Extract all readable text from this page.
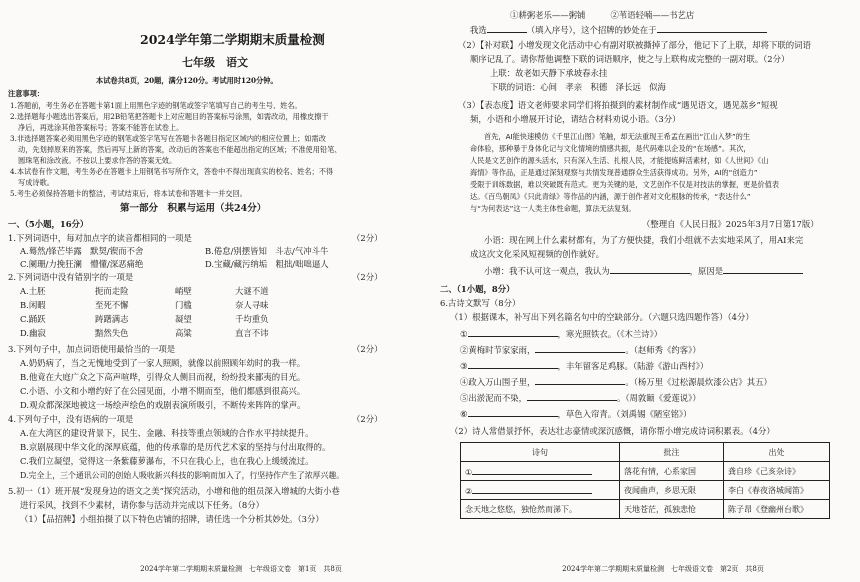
2024学年第二学期期末质量检测
七年级　语文
本试卷共8页，20题，满分120分。考试用时120分钟。
注意事项：
1.答题前，考生务必在答题卡第1面上用黑色字迹的钢笔或签字笔填写自己的考生号、姓名。
2.选择题每小题选出答案后，用2B铅笔把答题卡上对应题目的答案标号涂黑，如需改动，用橡皮擦干
净后，再选涂其他答案标号；答案不能答在试卷上。
3.非选择题答案必须用黑色字迹的钢笔或签字笔写在答题卡各题目指定区域内的相应位置上；如需改
动，先划掉原来的答案，然后再写上新的答案，改动后的答案也不能超出指定的区域；不准使用铅笔、
圆珠笔和涂改液。不按以上要求作答的答案无效。
4.本试卷有作文题，考生务必在答题卡上用钢笔书写所作文，答卷中不得出现真实的校名、姓名；不得
写成诗歌。
5.考生必须保持答题卡的整洁，考试结束后，将本试卷和答题卡一并交回。
第一部分　积累与运用（共24分）
一、（5小题，16分）
1.下列词语中，每对加点字的读音都相同的一项是	（2分）
A.蓦然/锋芒毕露　默契/锲而不舍	B.倦怠/别摆皆知　斗志/气冲斗牛
C.阑珊/力挽狂澜　懵懂/深恶痛绝	D.宝藏/藏污纳垢　粗拙/咄咄逼人
2.下列词语中没有错别字的一项是	（2分）
A.土胚	扼而走险	峭壁	大谜不道
B.闲暇	至死不懈	门槛	奈人寻味
C.踊跃	踌躇满志	凝望	千均重负
D.幽寂	黯然失色	高粱	直言不讳
3.下列句子中，加点词语使用最恰当的一项是	（2分）
A.奶奶病了，当之无愧地受到了一家人照顾，就像以前照顾年幼时的我一样。
B.他竟在大庭广众之下高声喧哗，引得众人侧目而视，纷纷投来鄙夷的目光。
C.小语、小文和小增约好了在公园见面，小增不期而至，他们都感到很高兴。
D.观众都深深地被这一场绘声绘色的戏剧表演所吸引，不断传来阵阵的掌声。
4.下列句子中，没有语病的一项是	（2分）
A.在大湾区的建设背景下，民生、金融、科技等重点领域的合作水平持续提升。
B.京剧展现中华文化的深厚底蕴，他的传承靠的是历代艺术家的坚持与付出取得的。
C.我们立凝望，觉得这一条紫藤萝瀑布，不只在我心上，也在我心上缓缓流过。
D.完全上，三个通讯公司的创始人吸收新兴科技的影响而加入了，行坚持作产生了浓厚兴趣。
5.初一（1）班开展“发现身边的语文之美”探究活动，小增和他的组员深入增城的大街小巷
进行采风，找到不少素材，请你参与活动并完成以下任务。（8分）
（1）【品招牌】小组拍摄了以下特色店铺的招牌，请任选一个分析其妙处。（3分）
2024学年第二学期期末质量检测　七年级语文卷　第1页　共8页
①耕粥老乐——粥铺　　　②苇语轻喃——书艺店
我选	（填入序号），这个招牌的妙处在于
（2）【补对联】小增发现文化活动中心有副对联被撕掉了部分，他记下了上联，却将下联的词语
顺序记乱了。请你帮他调整下联的词语顺序，使之与上联构成完整的一副对联。（2分）
上联：故老如天静下承坡春永挂
下联的词语：心间　孝亲　积德　泽长远　似海
（3）【表态度】语文老师要求同学们将拍摄到的素材制作成“遇见语文，遇见荔乡”短视
频，小语和小增展开讨论，请结合材料劝说小语。（3分）
首先，AI能快速模仿《千里江山图》笔触，却无法重现王希孟在画出“江山入梦”的生
命体验，那种暴于身体化记与文化情境的情感共振，是代码难以企及的“在场感”。其次，
人民是文艺创作的源头活水，只有深入生活、扎根人民，才能提炼鲜活素材，如《人世间》《山
海情》等作品，正是通过深刻观察与共情发现普通群众生活获得成功。另外，AI的“创造力”
受限于训练数据，难以突破既有范式。更为关键的是，文艺创作不仅是对技法的掌握，更是价值表
达。《百鸟朝凤》《只此青绿》等作品的内涵，源于创作者对文化根脉的传承，“表达什么”
与“为何表达”这一人类主体性命题，算法无法复刻。
（整理自《人民日报》2025年3月7日第17版）
小语：现在网上什么素材都有，为了方便快捷，我们小组就不去实地采风了，用AI来完
成这次文化采风短视频的创作就好。
小增：我不认可这一观点，我认为	，原因是
二、（1小题，8分）
6.古诗文默写（8分）
（1）根据课本，补写出下列名篇名句中的空缺部分。（六题只选四题作答）（4分）
①	，寒光照铁衣。（《木兰诗》）
②黄梅时节家家雨，	。（赵师秀《约客》）
③	，丰年留客足鸡豚。（陆游《游山西村》）
④政入万山围子里，	。（杨万里《过松源晨炊漆公店》其五）
⑤出淤泥而不染，	。（周敦颐《爱莲说》）
⑥	，草色入帘青。（刘禹锡《陋室铭》）
（2）诗人常借景抒怀，表达壮志豪情或深沉感慨，请你帮小增完成诗词积累表。（4分）
诗句	批注	出处
①	落花有情，心系家国	龚自珍《己亥杂诗》
②	夜闻曲声，乡思无限	李白《春夜洛城闻笛》
念天地之悠悠，独怆然而涕下。	天地苍茫，孤独悲怆	陈子昂《登幽州台歌》
2024学年第二学期期末质量检测　七年级语文卷　第2页　共8页
